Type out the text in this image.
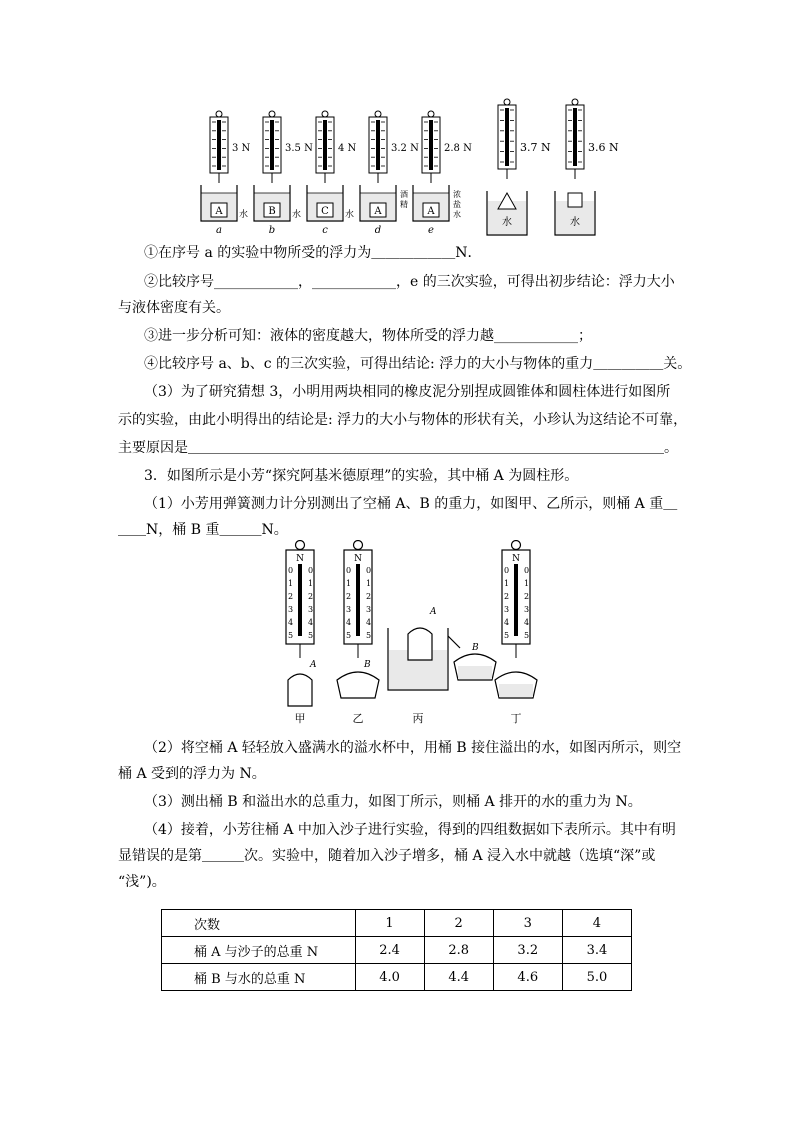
3 N
A 水
a
3.5 N
B 水
b
4 N
C 水
c
3.2 N
A
酒
精
d
2.8 N
A
浓
盐
水
e
3.7 N
水
3.6 N
水
①在序号 a 的实验中物所受的浮力为＿＿＿＿＿＿N．
②比较序号____________，____________，e 的三次实验，可得出初步结论：浮力大小
与液体密度有关。
③进一步分析可知：液体的密度越大，物体所受的浮力越____________；
④比较序号 a、b、c 的三次实验，可得出结论: 浮力的大小与物体的重力＿＿＿＿＿关。
（3）为了研究猜想 3，小明用两块相同的橡皮泥分别捏成圆锥体和圆柱体进行如图所
示的实验，由此小明得出的结论是: 浮力的大小与物体的形状有关，小珍认为这结论不可靠，
主要原因是＿＿＿＿＿＿＿＿＿＿＿＿＿＿＿＿＿＿＿＿＿＿＿＿＿＿＿＿＿＿＿＿＿＿。
3．如图所示是小芳“探究阿基米德原理”的实验，其中桶 A 为圆柱形。
（1）小芳用弹簧测力计分别测出了空桶 A、B 的重力，如图甲、乙所示，则桶 A 重＿
＿＿N，桶 B 重＿＿＿N。
N
0 0
1 1
2 2
3 3
4 4
5 5
A
甲
N
0 0
1 1
2 2
3 3
4 4
5 5
B
乙
A
B
丙
N
0 0
1 1
2 2
3 3
4 4
5 5
丁
（2）将空桶 A 轻轻放入盛满水的溢水杯中，用桶 B 接住溢出的水，如图丙所示，则空
桶 A 受到的浮力为 N。
（3）测出桶 B 和溢出水的总重力，如图丁所示，则桶 A 排开的水的重力为 N。
（4）接着，小芳往桶 A 中加入沙子进行实验，得到的四组数据如下表所示。其中有明
显错误的是第＿＿＿次。实验中，随着加入沙子增多，桶 A 浸入水中就越（选填“深”或
“浅”)。
次数	1	2	3	4
桶 A 与沙子的总重 N	2.4	2.8	3.2	3.4
桶 B 与水的总重 N	4.0	4.4	4.6	5.0
